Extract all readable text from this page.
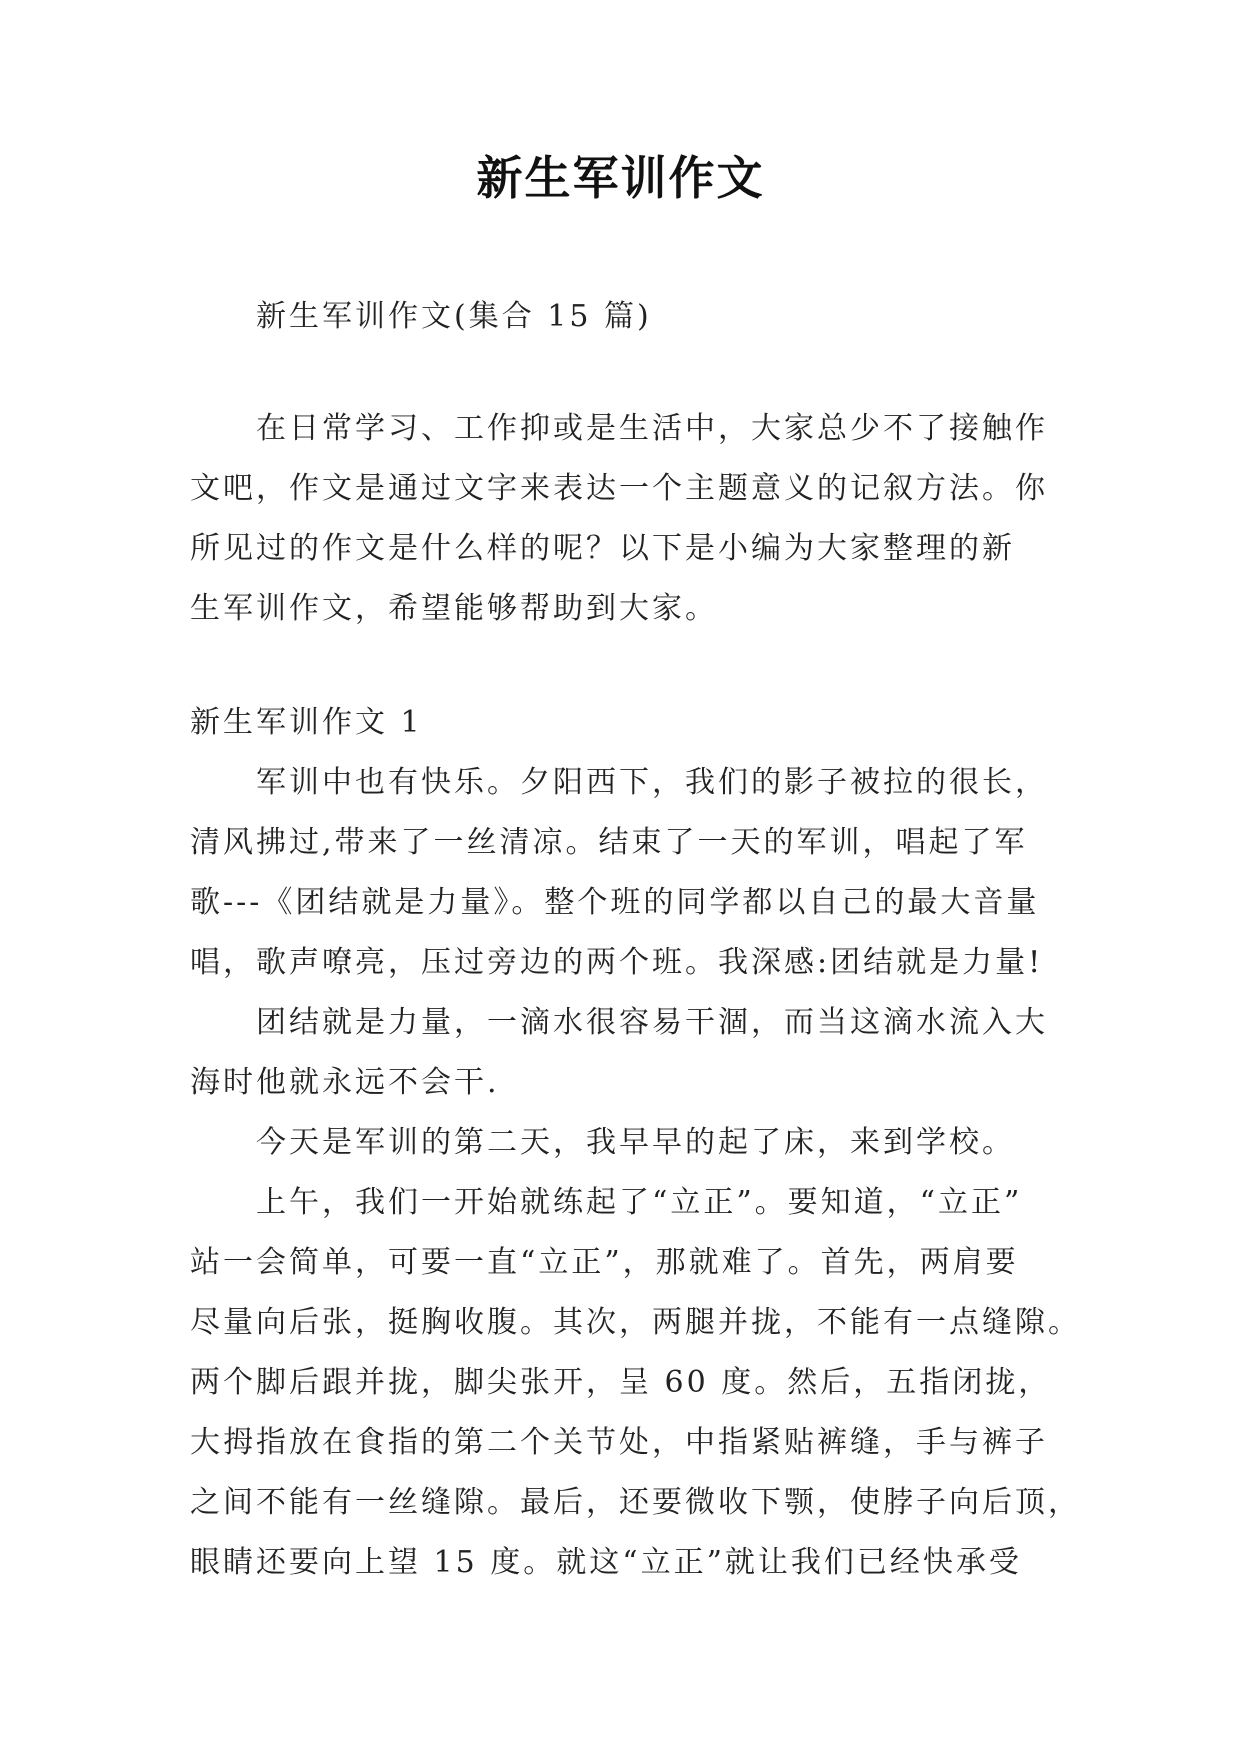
新生军训作文
新生军训作文(集合 15 篇)
在日常学习、工作抑或是生活中，大家总少不了接触作
文吧，作文是通过文字来表达一个主题意义的记叙方法。你
所见过的作文是什么样的呢？以下是小编为大家整理的新
生军训作文，希望能够帮助到大家。
新生军训作文 1
军训中也有快乐。夕阳西下，我们的影子被拉的很长，
清风拂过,带来了一丝清凉。结束了一天的军训，唱起了军
歌---《团结就是力量》。整个班的同学都以自己的最大音量
唱，歌声嘹亮，压过旁边的两个班。我深感:团结就是力量!
团结就是力量，一滴水很容易干涸，而当这滴水流入大
海时他就永远不会干.
今天是军训的第二天，我早早的起了床，来到学校。
上午，我们一开始就练起了“立正”。要知道，“立正”
站一会简单，可要一直“立正”，那就难了。首先，两肩要
尽量向后张，挺胸收腹。其次，两腿并拢，不能有一点缝隙。
两个脚后跟并拢，脚尖张开，呈 60 度。然后，五指闭拢，
大拇指放在食指的第二个关节处，中指紧贴裤缝，手与裤子
之间不能有一丝缝隙。最后，还要微收下颚，使脖子向后顶，
眼睛还要向上望 15 度。就这“立正”就让我们已经快承受
